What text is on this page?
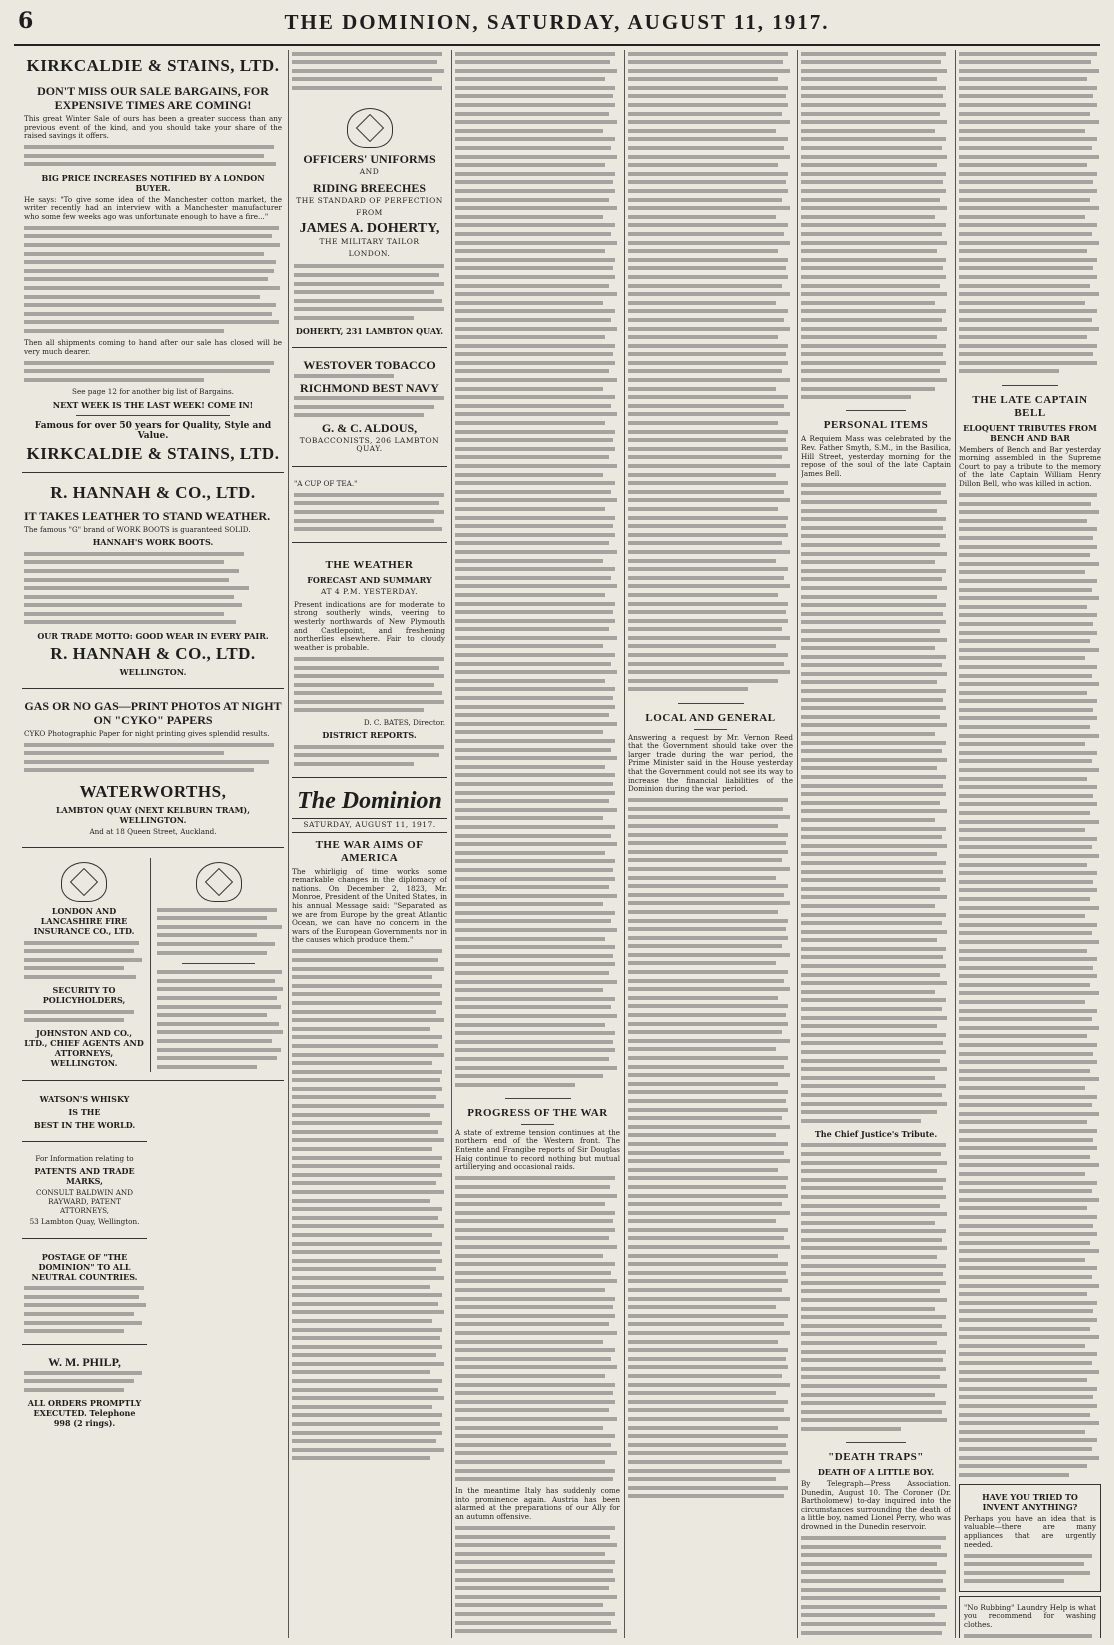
6	THE DOMINION, SATURDAY, AUGUST 11, 1917.
KIRKCALDIE & STAINS, LTD.
DON'T MISS OUR SALE BARGAINS, FOR EXPENSIVE TIMES ARE COMING!
This great Winter Sale of ours has been a greater success than any previous event of the kind, and you should take your share of the raised savings it offers.
BIG PRICE INCREASES NOTIFIED BY A LONDON BUYER.
He says: "To give some idea of the Manchester cotton market, the writer recently had an interview with a Manchester manufacturer who some few weeks ago was unfortunate enough to have a fire..."
Then all shipments coming to hand after our sale has closed will be very much dearer.
See page 12 for another big list of Bargains.
NEXT WEEK IS THE LAST WEEK! COME IN!
Famous for over 50 years for Quality, Style and Value.
KIRKCALDIE & STAINS, LTD.
R. HANNAH & CO., LTD.
IT TAKES LEATHER TO STAND WEATHER.
The famous "G" brand of WORK BOOTS is guaranteed SOLID.
HANNAH'S WORK BOOTS.
OUR TRADE MOTTO: GOOD WEAR IN EVERY PAIR.
R. HANNAH & CO., LTD.
WELLINGTON.
GAS OR NO GAS—PRINT PHOTOS AT NIGHT ON "CYKO" PAPERS
CYKO Photographic Paper for night printing gives splendid results.
WATERWORTHS,
LAMBTON QUAY (NEXT KELBURN TRAM), WELLINGTON.
And at 18 Queen Street, Auckland.
LONDON AND LANCASHIRE FIRE INSURANCE CO., LTD.
SECURITY TO POLICYHOLDERS,
JOHNSTON AND CO., LTD., CHIEF AGENTS AND ATTORNEYS, WELLINGTON.
WATSON'S WHISKY
IS THE
BEST IN THE WORLD.
For Information relating to
PATENTS AND TRADE MARKS,
CONSULT BALDWIN AND RAYWARD, PATENT ATTORNEYS,
53 Lambton Quay, Wellington.
POSTAGE OF "THE DOMINION" TO ALL NEUTRAL COUNTRIES.
W. M. PHILP,
ALL ORDERS PROMPTLY EXECUTED. Telephone 998 (2 rings).
OFFICERS' UNIFORMS
AND
RIDING BREECHES
THE STANDARD OF PERFECTION
FROM
JAMES A. DOHERTY,
THE MILITARY TAILOR
LONDON.
DOHERTY, 231 LAMBTON QUAY.
WESTOVER TOBACCO
RICHMOND BEST NAVY
G. & C. ALDOUS,
TOBACCONISTS, 206 LAMBTON QUAY.
"A CUP OF TEA."
THE WEATHER
FORECAST AND SUMMARY
AT 4 P.M. YESTERDAY.
Present indications are for moderate to strong southerly winds, veering to westerly northwards of New Plymouth and Castlepoint, and freshening northerlies elsewhere. Fair to cloudy weather is probable.
D. C. BATES, Director.
DISTRICT REPORTS.
The Dominion
SATURDAY, AUGUST 11, 1917.
THE WAR AIMS OF AMERICA
The whirligig of time works some remarkable changes in the diplomacy of nations. On December 2, 1823, Mr. Monroe, President of the United States, in his annual Message said: "Separated as we are from Europe by the great Atlantic Ocean, we can have no concern in the wars of the European Governments nor in the causes which produce them."
PROGRESS OF THE WAR
A state of extreme tension continues at the northern end of the Western front. The Entente and Frangibe reports of Sir Douglas Haig continue to record nothing but mutual artillerying and occasional raids.
In the meantime Italy has suddenly come into prominence again. Austria has been alarmed at the preparations of our Ally for an autumn offensive.
LOCAL AND GENERAL
Answering a request by Mr. Vernon Reed that the Government should take over the larger trade during the war period, the Prime Minister said in the House yesterday that the Government could not see its way to increase the financial liabilities of the Dominion during the war period.
PERSONAL ITEMS
A Requiem Mass was celebrated by the Rev. Father Smyth, S.M., in the Basilica, Hill Street, yesterday morning for the repose of the soul of the late Captain James Bell.
The Chief Justice's Tribute.
"DEATH TRAPS"
DEATH OF A LITTLE BOY.
By Telegraph—Press Association. Dunedin, August 10. The Coroner (Dr. Bartholomew) to-day inquired into the circumstances surrounding the death of a little boy, named Lionel Perry, who was drowned in the Dunedin reservoir.
THE LATE CAPTAIN BELL
ELOQUENT TRIBUTES FROM BENCH AND BAR
Members of Bench and Bar yesterday morning assembled in the Supreme Court to pay a tribute to the memory of the late Captain William Henry Dillon Bell, who was killed in action.
HAVE YOU TRIED TO INVENT ANYTHING?
Perhaps you have an idea that is valuable—there are many appliances that are urgently needed.
"No Rubbing" Laundry Help is what you recommend for washing clothes.
